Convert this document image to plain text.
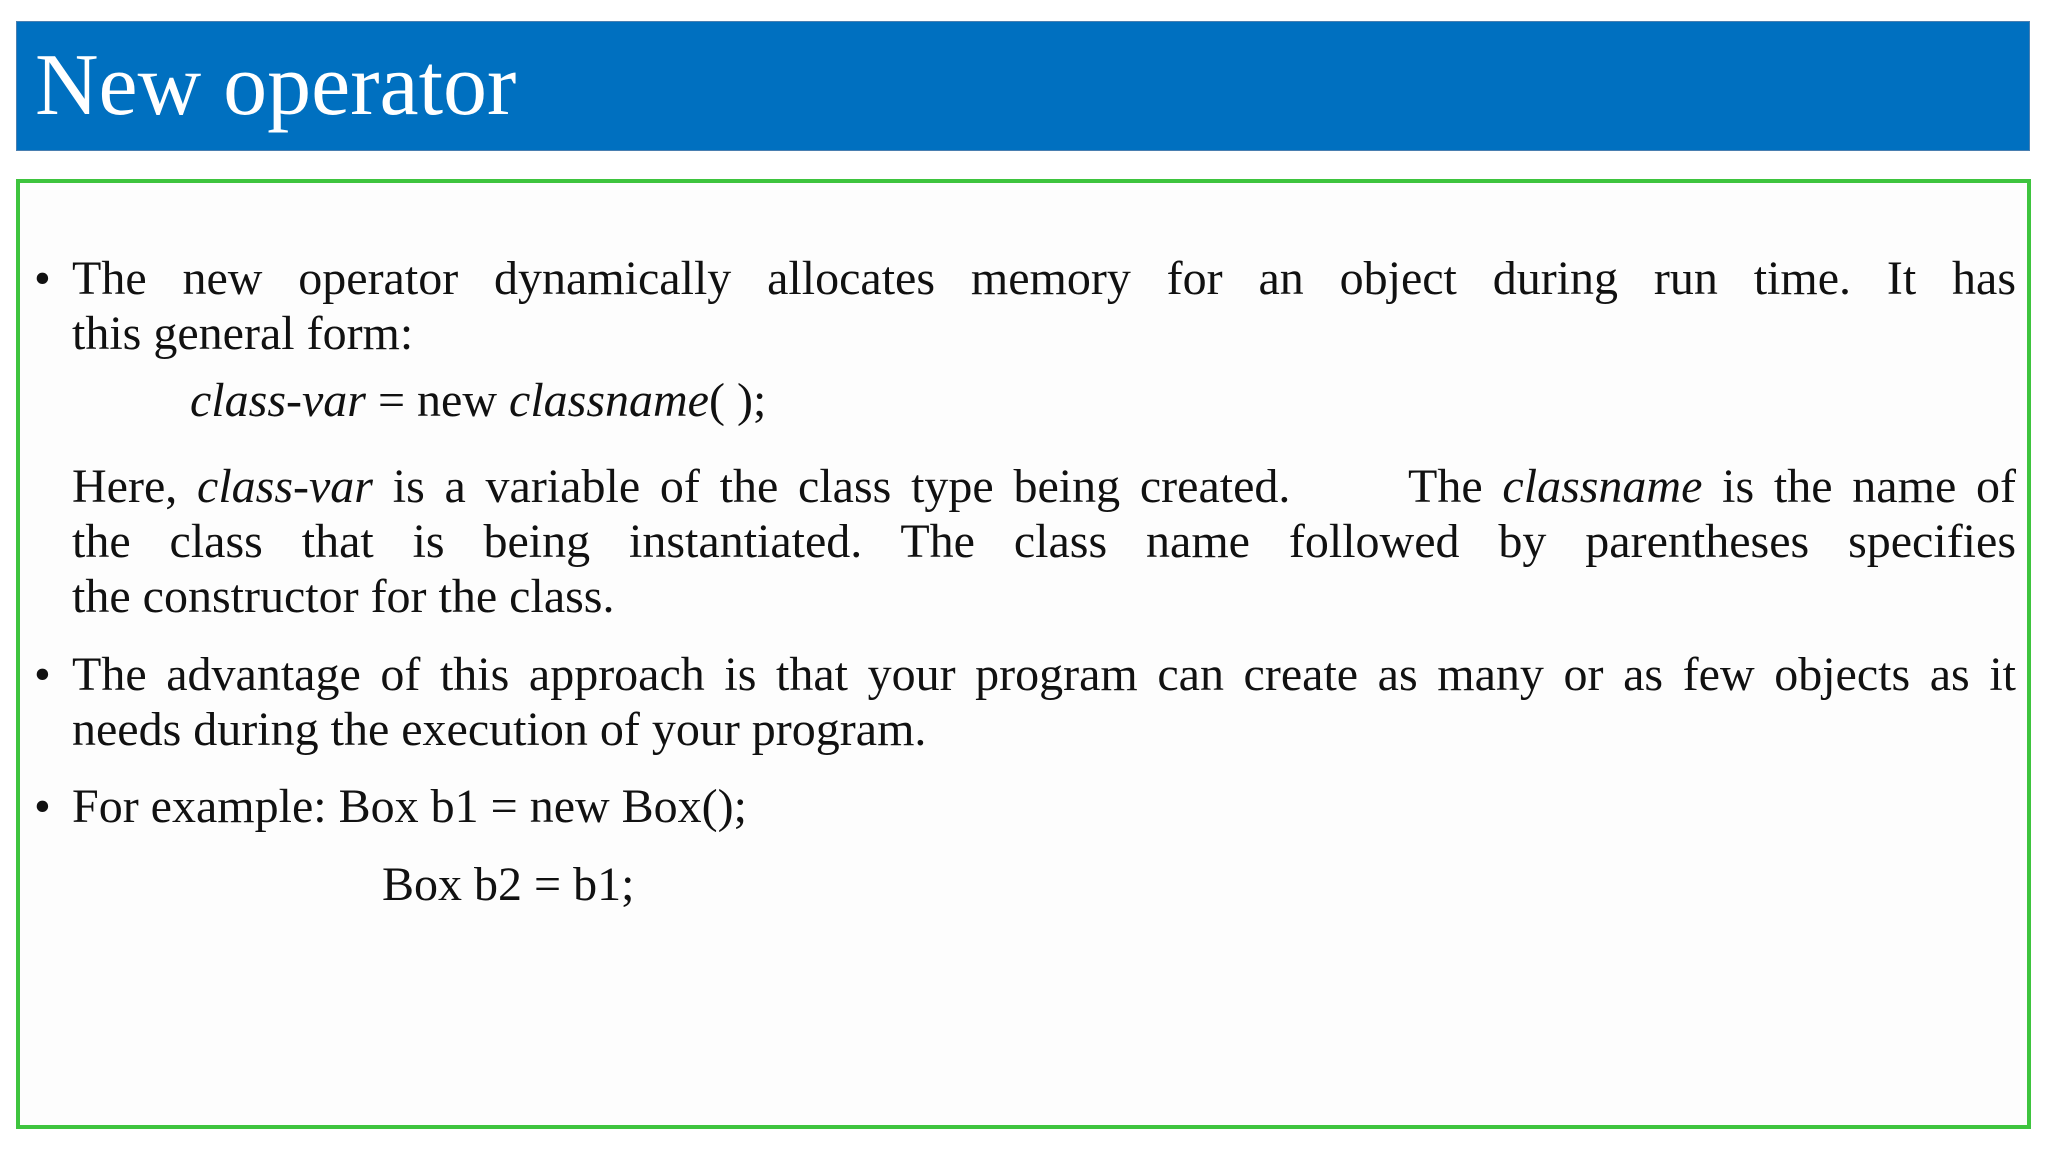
New operator
• The new operator dynamically allocates memory for an object during run time. It has
this general form:
class-var = new classname( );
Here, class-var is a variable of the class type being created.      The classname is the name of
the class that is being instantiated. The class name followed by parentheses specifies
the constructor for the class.
• The advantage of this approach is that your program can create as many or as few objects as it
needs during the execution of your program.
• For example: Box b1 = new Box();
Box b2 = b1;
